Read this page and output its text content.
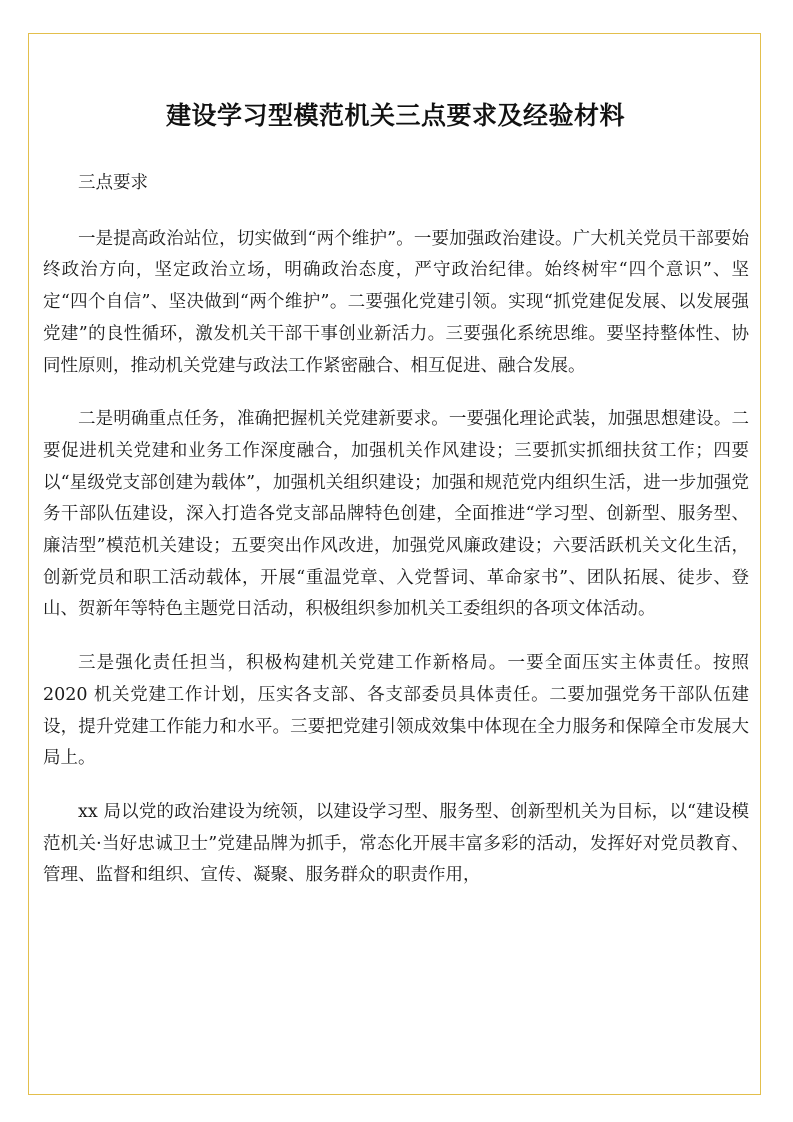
建设学习型模范机关三点要求及经验材料

三点要求

一是提高政治站位，切实做到“两个维护”。一要加强政治建设。广大机关党员干部要始终政治方向，坚定政治立场，明确政治态度，严守政治纪律。始终树牢“四个意识”、坚定“四个自信”、坚决做到“两个维护”。二要强化党建引领。实现“抓党建促发展、以发展强党建”的良性循环，激发机关干部干事创业新活力。三要强化系统思维。要坚持整体性、协同性原则，推动机关党建与政法工作紧密融合、相互促进、融合发展。

二是明确重点任务，准确把握机关党建新要求。一要强化理论武装，加强思想建设。二要促进机关党建和业务工作深度融合，加强机关作风建设；三要抓实抓细扶贫工作；四要以“星级党支部创建为载体”，加强机关组织建设；加强和规范党内组织生活，进一步加强党务干部队伍建设，深入打造各党支部品牌特色创建，全面推进“学习型、创新型、服务型、廉洁型”模范机关建设；五要突出作风改进，加强党风廉政建设；六要活跃机关文化生活，创新党员和职工活动载体，开展“重温党章、入党誓词、革命家书”、团队拓展、徒步、登山、贺新年等特色主题党日活动，积极组织参加机关工委组织的各项文体活动。

三是强化责任担当，积极构建机关党建工作新格局。一要全面压实主体责任。按照 2020 机关党建工作计划，压实各支部、各支部委员具体责任。二要加强党务干部队伍建设，提升党建工作能力和水平。三要把党建引领成效集中体现在全力服务和保障全市发展大局上。

xx 局以党的政治建设为统领，以建设学习型、服务型、创新型机关为目标，以“建设模范机关·当好忠诚卫士”党建品牌为抓手，常态化开展丰富多彩的活动，发挥好对党员教育、管理、监督和组织、宣传、凝聚、服务群众的职责作用，
